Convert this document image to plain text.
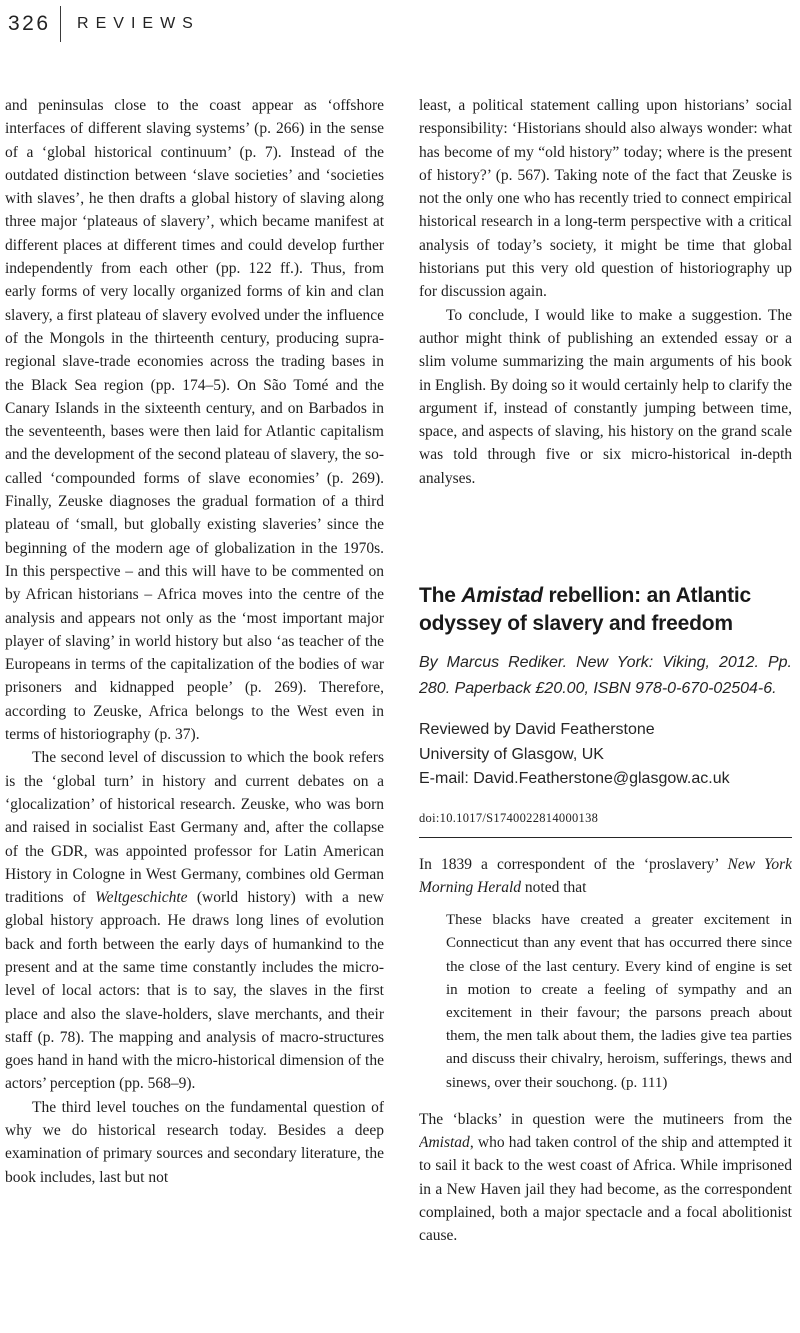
326 REVIEWS

and peninsulas close to the coast appear as ‘offshore interfaces of different slaving systems’ (p. 266) in the sense of a ‘global historical continuum’ (p. 7). Instead of the outdated distinction between ‘slave societies’ and ‘societies with slaves’, he then drafts a global history of slaving along three major ‘plateaus of slavery’, which became manifest at different places at different times and could develop further independently from each other (pp. 122 ff.). Thus, from early forms of very locally organized forms of kin and clan slavery, a first plateau of slavery evolved under the influence of the Mongols in the thirteenth century, producing supra-regional slave-trade economies across the trading bases in the Black Sea region (pp. 174–5). On São Tomé and the Canary Islands in the sixteenth century, and on Barbados in the seventeenth, bases were then laid for Atlantic capitalism and the development of the second plateau of slavery, the so-called ‘compounded forms of slave economies’ (p. 269). Finally, Zeuske diagnoses the gradual formation of a third plateau of ‘small, but globally existing slaveries’ since the beginning of the modern age of globalization in the 1970s. In this perspective – and this will have to be commented on by African historians – Africa moves into the centre of the analysis and appears not only as the ‘most important major player of slaving’ in world history but also ‘as teacher of the Europeans in terms of the capitalization of the bodies of war prisoners and kidnapped people’ (p. 269). Therefore, according to Zeuske, Africa belongs to the West even in terms of historiography (p. 37).

The second level of discussion to which the book refers is the ‘global turn’ in history and current debates on a ‘glocalization’ of historical research. Zeuske, who was born and raised in socialist East Germany and, after the collapse of the GDR, was appointed professor for Latin American History in Cologne in West Germany, combines old German traditions of Weltgeschichte (world history) with a new global history approach. He draws long lines of evolution back and forth between the early days of humankind to the present and at the same time constantly includes the micro-level of local actors: that is to say, the slaves in the first place and also the slave-holders, slave merchants, and their staff (p. 78). The mapping and analysis of macro-structures goes hand in hand with the micro-historical dimension of the actors’ perception (pp. 568–9).

The third level touches on the fundamental question of why we do historical research today. Besides a deep examination of primary sources and secondary literature, the book includes, last but not

least, a political statement calling upon historians’ social responsibility: ‘Historians should also always wonder: what has become of my “old history” today; where is the present of history?’ (p. 567). Taking note of the fact that Zeuske is not the only one who has recently tried to connect empirical historical research in a long-term perspective with a critical analysis of today’s society, it might be time that global historians put this very old question of historiography up for discussion again.

To conclude, I would like to make a suggestion. The author might think of publishing an extended essay or a slim volume summarizing the main arguments of his book in English. By doing so it would certainly help to clarify the argument if, instead of constantly jumping between time, space, and aspects of slaving, his history on the grand scale was told through five or six micro-historical in-depth analyses.

The Amistad rebellion: an Atlantic odyssey of slavery and freedom

By Marcus Rediker. New York: Viking, 2012. Pp. 280. Paperback £20.00, ISBN 978-0-670-02504-6.

Reviewed by David Featherstone

University of Glasgow, UK

E-mail: David.Featherstone@glasgow.ac.uk

doi:10.1017/S1740022814000138

In 1839 a correspondent of the ‘proslavery’ New York Morning Herald noted that

These blacks have created a greater excitement in Connecticut than any event that has occurred there since the close of the last century. Every kind of engine is set in motion to create a feeling of sympathy and an excitement in their favour; the parsons preach about them, the men talk about them, the ladies give tea parties and discuss their chivalry, heroism, sufferings, thews and sinews, over their souchong. (p. 111)

The ‘blacks’ in question were the mutineers from the Amistad, who had taken control of the ship and attempted it to sail it back to the west coast of Africa. While imprisoned in a New Haven jail they had become, as the correspondent complained, both a major spectacle and a focal abolitionist cause.
